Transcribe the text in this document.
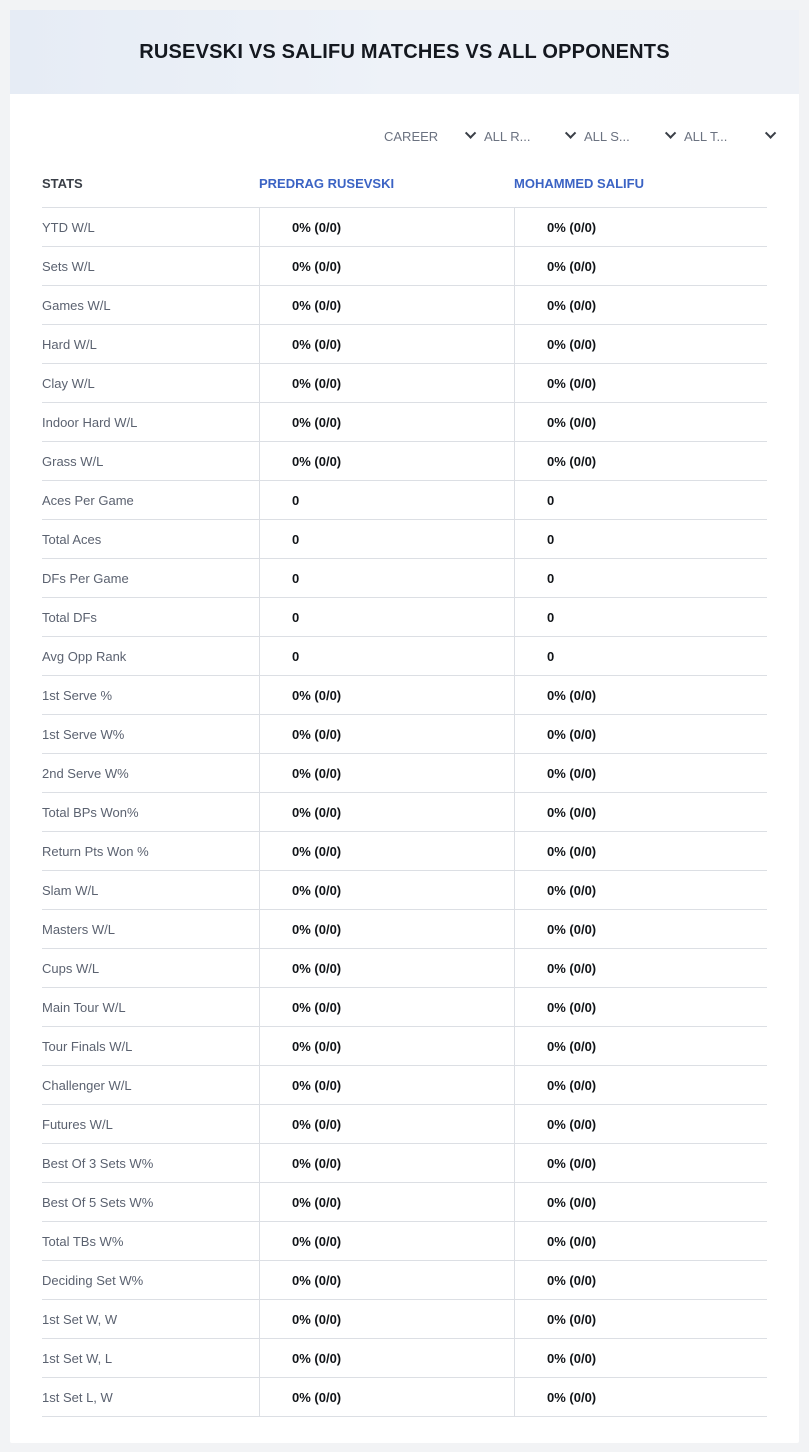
RUSEVSKI VS SALIFU MATCHES VS ALL OPPONENTS
CAREER	ALL R...	ALL S...	ALL T...
STATS	PREDRAG RUSEVSKI	MOHAMMED SALIFU
YTD W/L	0% (0/0)	0% (0/0)
Sets W/L	0% (0/0)	0% (0/0)
Games W/L	0% (0/0)	0% (0/0)
Hard W/L	0% (0/0)	0% (0/0)
Clay W/L	0% (0/0)	0% (0/0)
Indoor Hard W/L	0% (0/0)	0% (0/0)
Grass W/L	0% (0/0)	0% (0/0)
Aces Per Game	0	0
Total Aces	0	0
DFs Per Game	0	0
Total DFs	0	0
Avg Opp Rank	0	0
1st Serve %	0% (0/0)	0% (0/0)
1st Serve W%	0% (0/0)	0% (0/0)
2nd Serve W%	0% (0/0)	0% (0/0)
Total BPs Won%	0% (0/0)	0% (0/0)
Return Pts Won %	0% (0/0)	0% (0/0)
Slam W/L	0% (0/0)	0% (0/0)
Masters W/L	0% (0/0)	0% (0/0)
Cups W/L	0% (0/0)	0% (0/0)
Main Tour W/L	0% (0/0)	0% (0/0)
Tour Finals W/L	0% (0/0)	0% (0/0)
Challenger W/L	0% (0/0)	0% (0/0)
Futures W/L	0% (0/0)	0% (0/0)
Best Of 3 Sets W%	0% (0/0)	0% (0/0)
Best Of 5 Sets W%	0% (0/0)	0% (0/0)
Total TBs W%	0% (0/0)	0% (0/0)
Deciding Set W%	0% (0/0)	0% (0/0)
1st Set W, W	0% (0/0)	0% (0/0)
1st Set W, L	0% (0/0)	0% (0/0)
1st Set L, W	0% (0/0)	0% (0/0)
